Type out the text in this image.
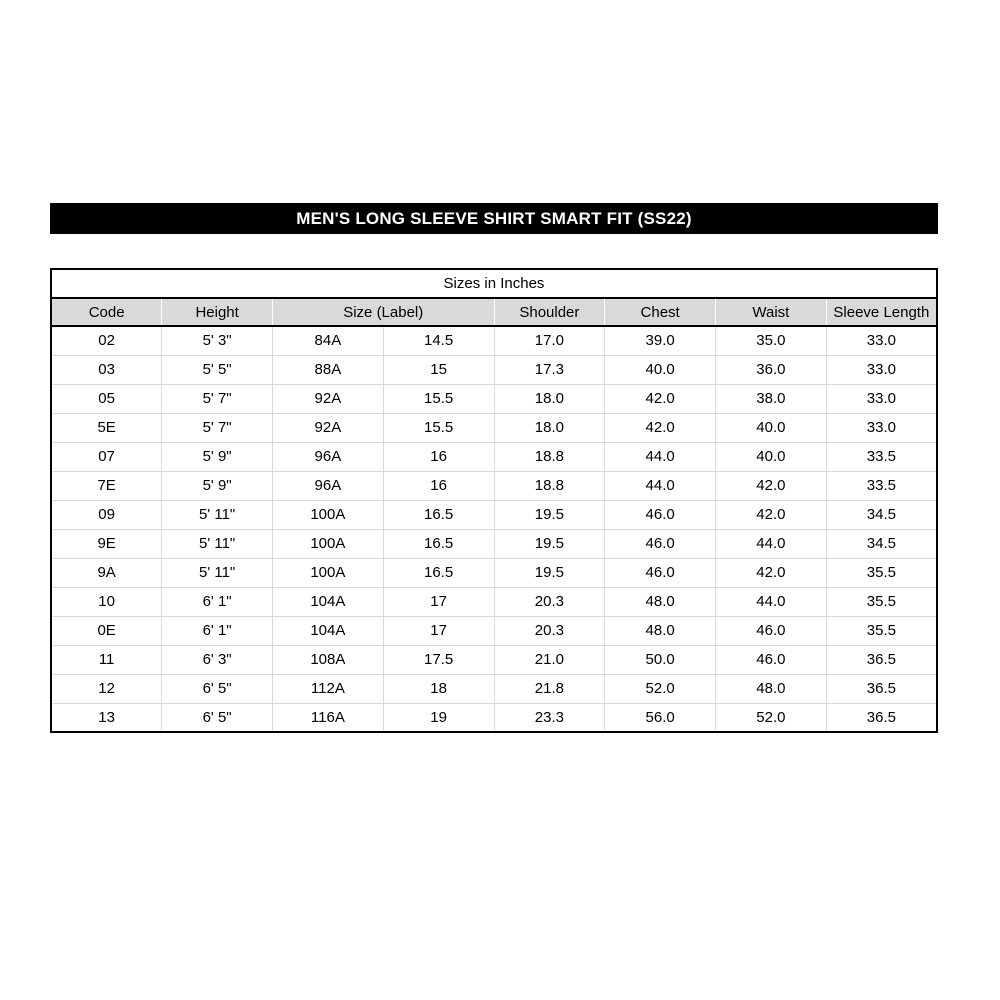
MEN'S LONG SLEEVE SHIRT SMART FIT (SS22)
Sizes in Inches							
Code	Height	Size (Label)		Shoulder	Chest	Waist	Sleeve Length
02	5' 3"	84A	14.5	17.0	39.0	35.0	33.0
03	5' 5"	88A	15	17.3	40.0	36.0	33.0
05	5' 7"	92A	15.5	18.0	42.0	38.0	33.0
5E	5' 7"	92A	15.5	18.0	42.0	40.0	33.0
07	5' 9"	96A	16	18.8	44.0	40.0	33.5
7E	5' 9"	96A	16	18.8	44.0	42.0	33.5
09	5' 11"	100A	16.5	19.5	46.0	42.0	34.5
9E	5' 11"	100A	16.5	19.5	46.0	44.0	34.5
9A	5' 11"	100A	16.5	19.5	46.0	42.0	35.5
10	6' 1"	104A	17	20.3	48.0	44.0	35.5
0E	6' 1"	104A	17	20.3	48.0	46.0	35.5
11	6' 3"	108A	17.5	21.0	50.0	46.0	36.5
12	6' 5"	112A	18	21.8	52.0	48.0	36.5
13	6' 5"	116A	19	23.3	56.0	52.0	36.5
